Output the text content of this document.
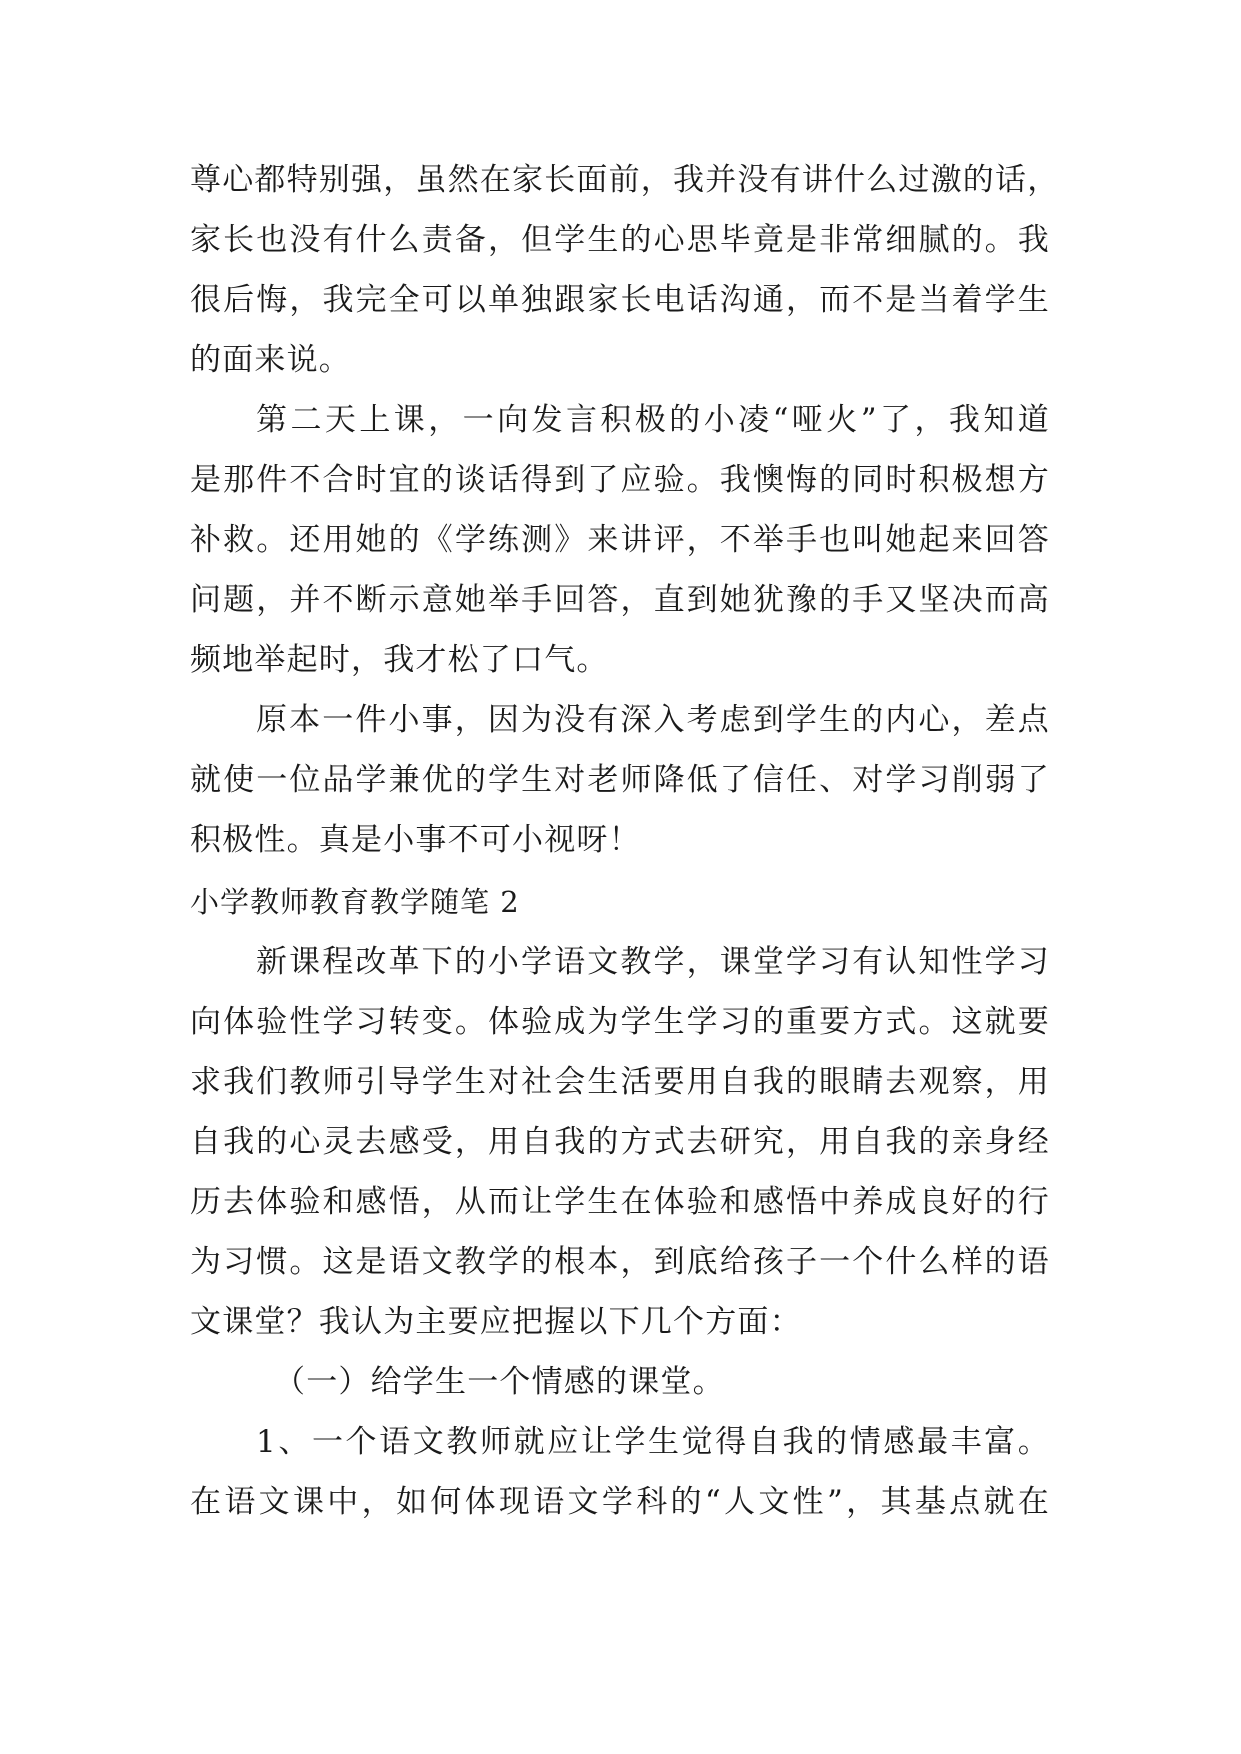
尊心都特别强，虽然在家长面前，我并没有讲什么过激的话，
家长也没有什么责备，但学生的心思毕竟是非常细腻的。我
很后悔，我完全可以单独跟家长电话沟通，而不是当着学生
的面来说。
第二天上课，一向发言积极的小凌“哑火”了，我知道
是那件不合时宜的谈话得到了应验。我懊悔的同时积极想方
补救。还用她的《学练测》来讲评，不举手也叫她起来回答
问题，并不断示意她举手回答，直到她犹豫的手又坚决而高
频地举起时，我才松了口气。
原本一件小事，因为没有深入考虑到学生的内心，差点
就使一位品学兼优的学生对老师降低了信任、对学习削弱了
积极性。真是小事不可小视呀！
小学教师教育教学随笔 2
新课程改革下的小学语文教学，课堂学习有认知性学习
向体验性学习转变。体验成为学生学习的重要方式。这就要
求我们教师引导学生对社会生活要用自我的眼睛去观察，用
自我的心灵去感受，用自我的方式去研究，用自我的亲身经
历去体验和感悟，从而让学生在体验和感悟中养成良好的行
为习惯。这是语文教学的根本，到底给孩子一个什么样的语
文课堂？我认为主要应把握以下几个方面：
（一）给学生一个情感的课堂。
1、一个语文教师就应让学生觉得自我的情感最丰富。
在语文课中，如何体现语文学科的“人文性”，其基点就在
